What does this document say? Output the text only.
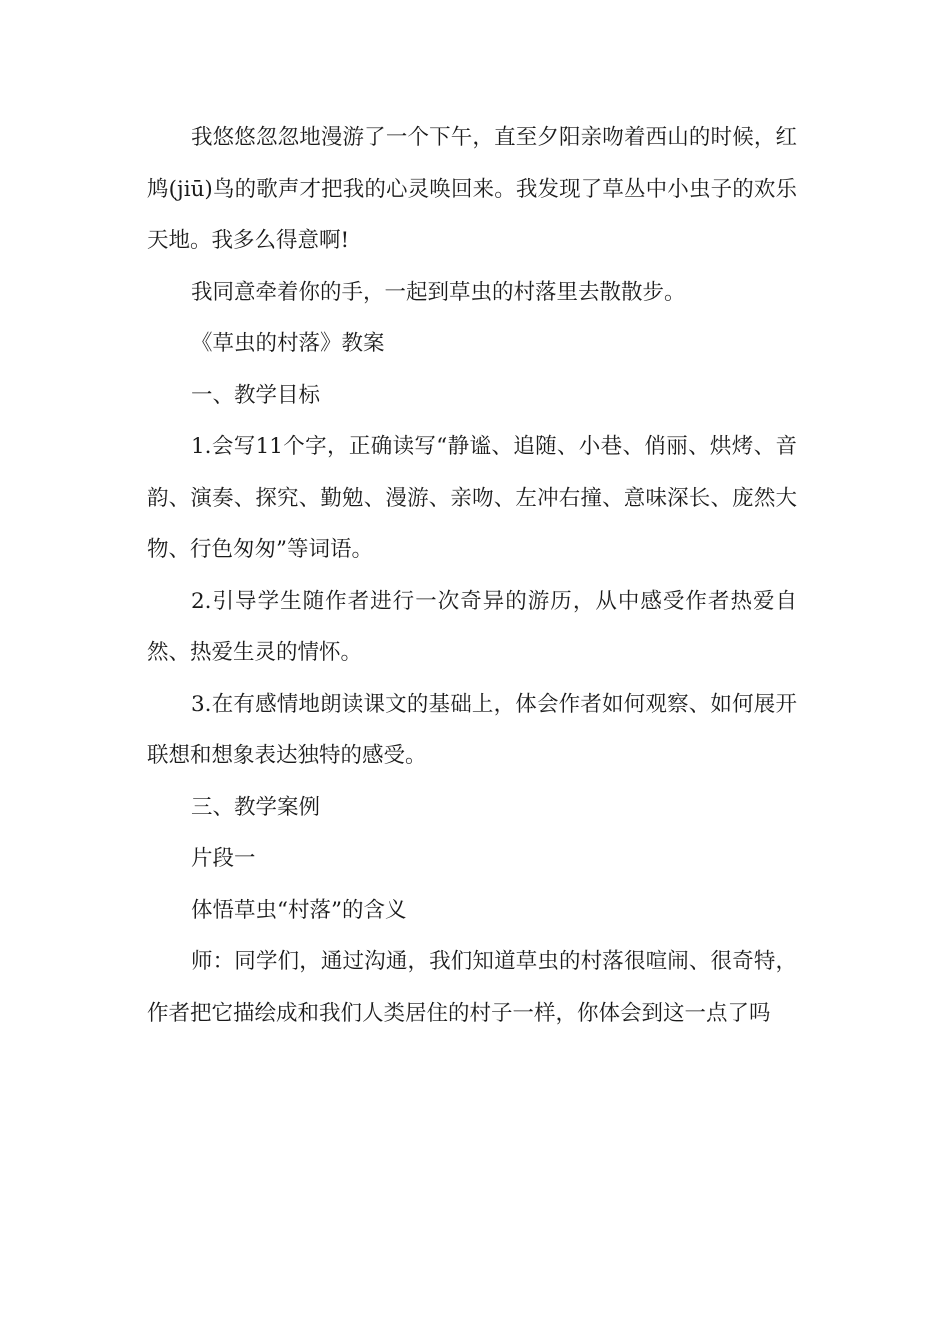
我悠悠忽忽地漫游了一个下午，直至夕阳亲吻着西山的时候，红鸠(jiū)鸟的歌声才把我的心灵唤回来。我发现了草丛中小虫子的欢乐天地。我多么得意啊!

我同意牵着你的手，一起到草虫的村落里去散散步。

《草虫的村落》教案

一、教学目标

1.会写11个字，正确读写“静谧、追随、小巷、俏丽、烘烤、音韵、演奏、探究、勤勉、漫游、亲吻、左冲右撞、意味深长、庞然大物、行色匆匆”等词语。

2.引导学生随作者进行一次奇异的游历，从中感受作者热爱自然、热爱生灵的情怀。

3.在有感情地朗读课文的基础上，体会作者如何观察、如何展开联想和想象表达独特的感受。

三、教学案例

片段一

体悟草虫“村落”的含义

师：同学们，通过沟通，我们知道草虫的村落很喧闹、很奇特，作者把它描绘成和我们人类居住的村子一样，你体会到这一点了吗
